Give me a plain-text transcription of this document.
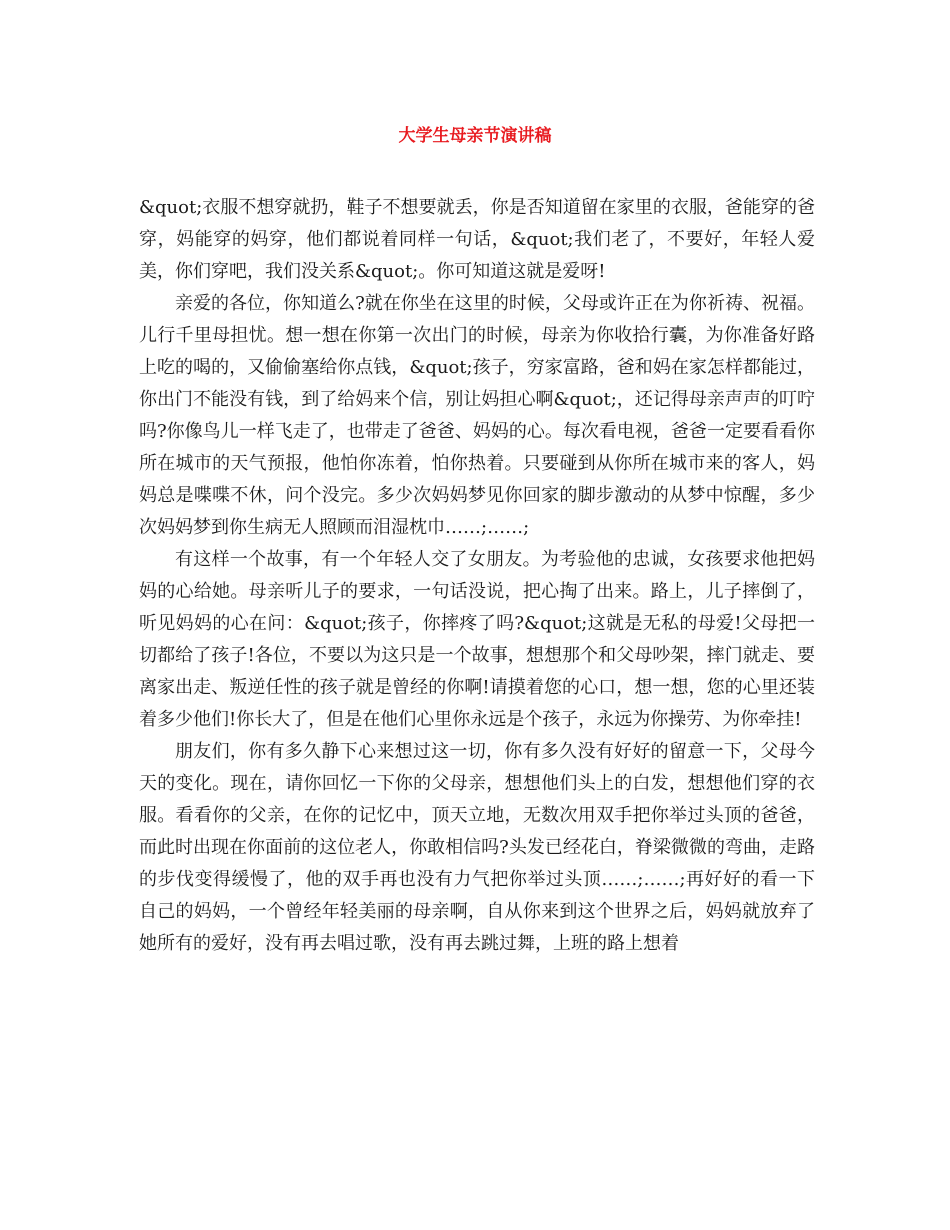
大学生母亲节演讲稿

&quot;衣服不想穿就扔，鞋子不想要就丢，你是否知道留在家里的衣服，爸能穿的爸穿，妈能穿的妈穿，他们都说着同样一句话，&quot;我们老了，不要好，年轻人爱美，你们穿吧，我们没关系&quot;。你可知道这就是爱呀!

亲爱的各位，你知道么?就在你坐在这里的时候，父母或许正在为你祈祷、祝福。儿行千里母担忧。想一想在你第一次出门的时候，母亲为你收拾行囊，为你准备好路上吃的喝的，又偷偷塞给你点钱，&quot;孩子，穷家富路，爸和妈在家怎样都能过，你出门不能没有钱，到了给妈来个信，别让妈担心啊&quot;，还记得母亲声声的叮咛吗?你像鸟儿一样飞走了，也带走了爸爸、妈妈的心。每次看电视，爸爸一定要看看你所在城市的天气预报，他怕你冻着，怕你热着。只要碰到从你所在城市来的客人，妈妈总是喋喋不休，问个没完。多少次妈妈梦见你回家的脚步激动的从梦中惊醒，多少次妈妈梦到你生病无人照顾而泪湿枕巾……;……;

有这样一个故事，有一个年轻人交了女朋友。为考验他的忠诚，女孩要求他把妈妈的心给她。母亲听儿子的要求，一句话没说，把心掏了出来。路上，儿子摔倒了，听见妈妈的心在问：&quot;孩子，你摔疼了吗?&quot;这就是无私的母爱!父母把一切都给了孩子!各位，不要以为这只是一个故事，想想那个和父母吵架，摔门就走、要离家出走、叛逆任性的孩子就是曾经的你啊!请摸着您的心口，想一想，您的心里还装着多少他们!你长大了，但是在他们心里你永远是个孩子，永远为你操劳、为你牵挂!

朋友们，你有多久静下心来想过这一切，你有多久没有好好的留意一下，父母今天的变化。现在，请你回忆一下你的父母亲，想想他们头上的白发，想想他们穿的衣服。看看你的父亲，在你的记忆中，顶天立地，无数次用双手把你举过头顶的爸爸，而此时出现在你面前的这位老人，你敢相信吗?头发已经花白，脊梁微微的弯曲，走路的步伐变得缓慢了，他的双手再也没有力气把你举过头顶……;……;再好好的看一下自己的妈妈，一个曾经年轻美丽的母亲啊，自从你来到这个世界之后，妈妈就放弃了她所有的爱好，没有再去唱过歌，没有再去跳过舞，上班的路上想着
